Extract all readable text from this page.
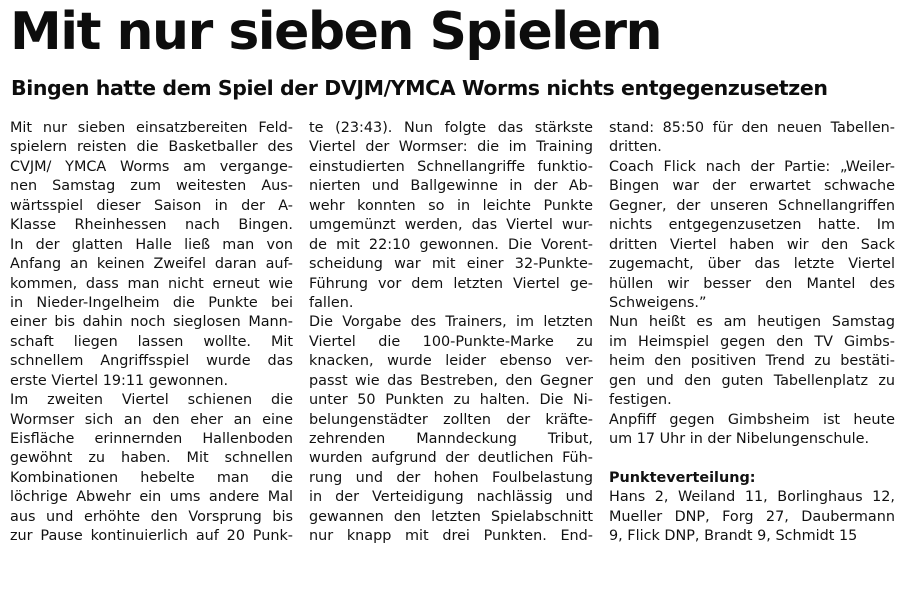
Mit nur sieben Spielern
Bingen hatte dem Spiel der DVJM/YMCA Worms nichts entgegenzusetzen
Mit nur sieben einsatzbereiten Feld-
spielern reisten die Basketballer des
CVJM/ YMCA Worms am vergange-
nen Samstag zum weitesten Aus-
wärtsspiel dieser Saison in der A-
Klasse Rheinhessen nach Bingen.
In der glatten Halle ließ man von
Anfang an keinen Zweifel daran auf-
kommen, dass man nicht erneut wie
in Nieder-Ingelheim die Punkte bei
einer bis dahin noch sieglosen Mann-
schaft liegen lassen wollte. Mit
schnellem Angriffsspiel wurde das
erste Viertel 19:11 gewonnen.
Im zweiten Viertel schienen die
Wormser sich an den eher an eine
Eisfläche erinnernden Hallenboden
gewöhnt zu haben. Mit schnellen
Kombinationen hebelte man die
löchrige Abwehr ein ums andere Mal
aus und erhöhte den Vorsprung bis
zur Pause kontinuierlich auf 20 Punk-
te (23:43). Nun folgte das stärkste
Viertel der Wormser: die im Training
einstudierten Schnellangriffe funktio-
nierten und Ballgewinne in der Ab-
wehr konnten so in leichte Punkte
umgemünzt werden, das Viertel wur-
de mit 22:10 gewonnen. Die Vorent-
scheidung war mit einer 32-Punkte-
Führung vor dem letzten Viertel ge-
fallen.
Die Vorgabe des Trainers, im letzten
Viertel die 100-Punkte-Marke zu
knacken, wurde leider ebenso ver-
passt wie das Bestreben, den Gegner
unter 50 Punkten zu halten. Die Ni-
belungenstädter zollten der kräfte-
zehrenden Manndeckung Tribut,
wurden aufgrund der deutlichen Füh-
rung und der hohen Foulbelastung
in der Verteidigung nachlässig und
gewannen den letzten Spielabschnitt
nur knapp mit drei Punkten. End-
stand: 85:50 für den neuen Tabellen-
dritten.
Coach Flick nach der Partie: „Weiler-
Bingen war der erwartet schwache
Gegner, der unseren Schnellangriffen
nichts entgegenzusetzen hatte. Im
dritten Viertel haben wir den Sack
zugemacht, über das letzte Viertel
hüllen wir besser den Mantel des
Schweigens.”
Nun heißt es am heutigen Samstag
im Heimspiel gegen den TV Gimbs-
heim den positiven Trend zu bestäti-
gen und den guten Tabellenplatz zu
festigen.
Anpfiff gegen Gimbsheim ist heute
um 17 Uhr in der Nibelungenschule.
Punkteverteilung:
Hans 2, Weiland 11, Borlinghaus 12,
Mueller DNP, Forg 27, Daubermann
9, Flick DNP, Brandt 9, Schmidt 15
